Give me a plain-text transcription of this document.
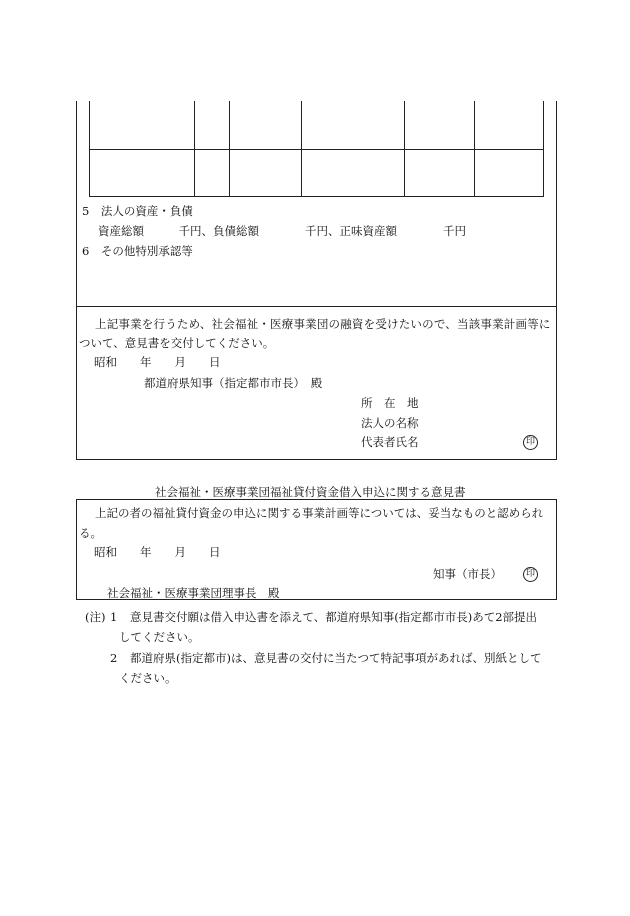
5　法人の資産・負債
資産総額　　　千円、負債総額　　　　千円、正味資産額　　　　千円
6　その他特別承認等
上記事業を行うため、社会福祉・医療事業団の融資を受けたいので、当該事業計画等に
ついて、意見書を交付してください。
昭和　　年　　月　　日
都道府県知事（指定都市市長）　殿
所　在　地
法人の名称
代表者氏名	印
社会福祉・医療事業団福祉貸付資金借入申込に関する意見書
上記の者の福祉貸付資金の申込に関する事業計画等については、妥当なものと認められ
る。
昭和　　年　　月　　日
知事（市長）	印
社会福祉・医療事業団理事長　殿
(注) 1 意見書交付願は借入申込書を添えて、都道府県知事(指定都市市長)あて2部提出
してください。
2 都道府県(指定都市)は、意見書の交付に当たつて特記事項があれば、別紙として
ください。
